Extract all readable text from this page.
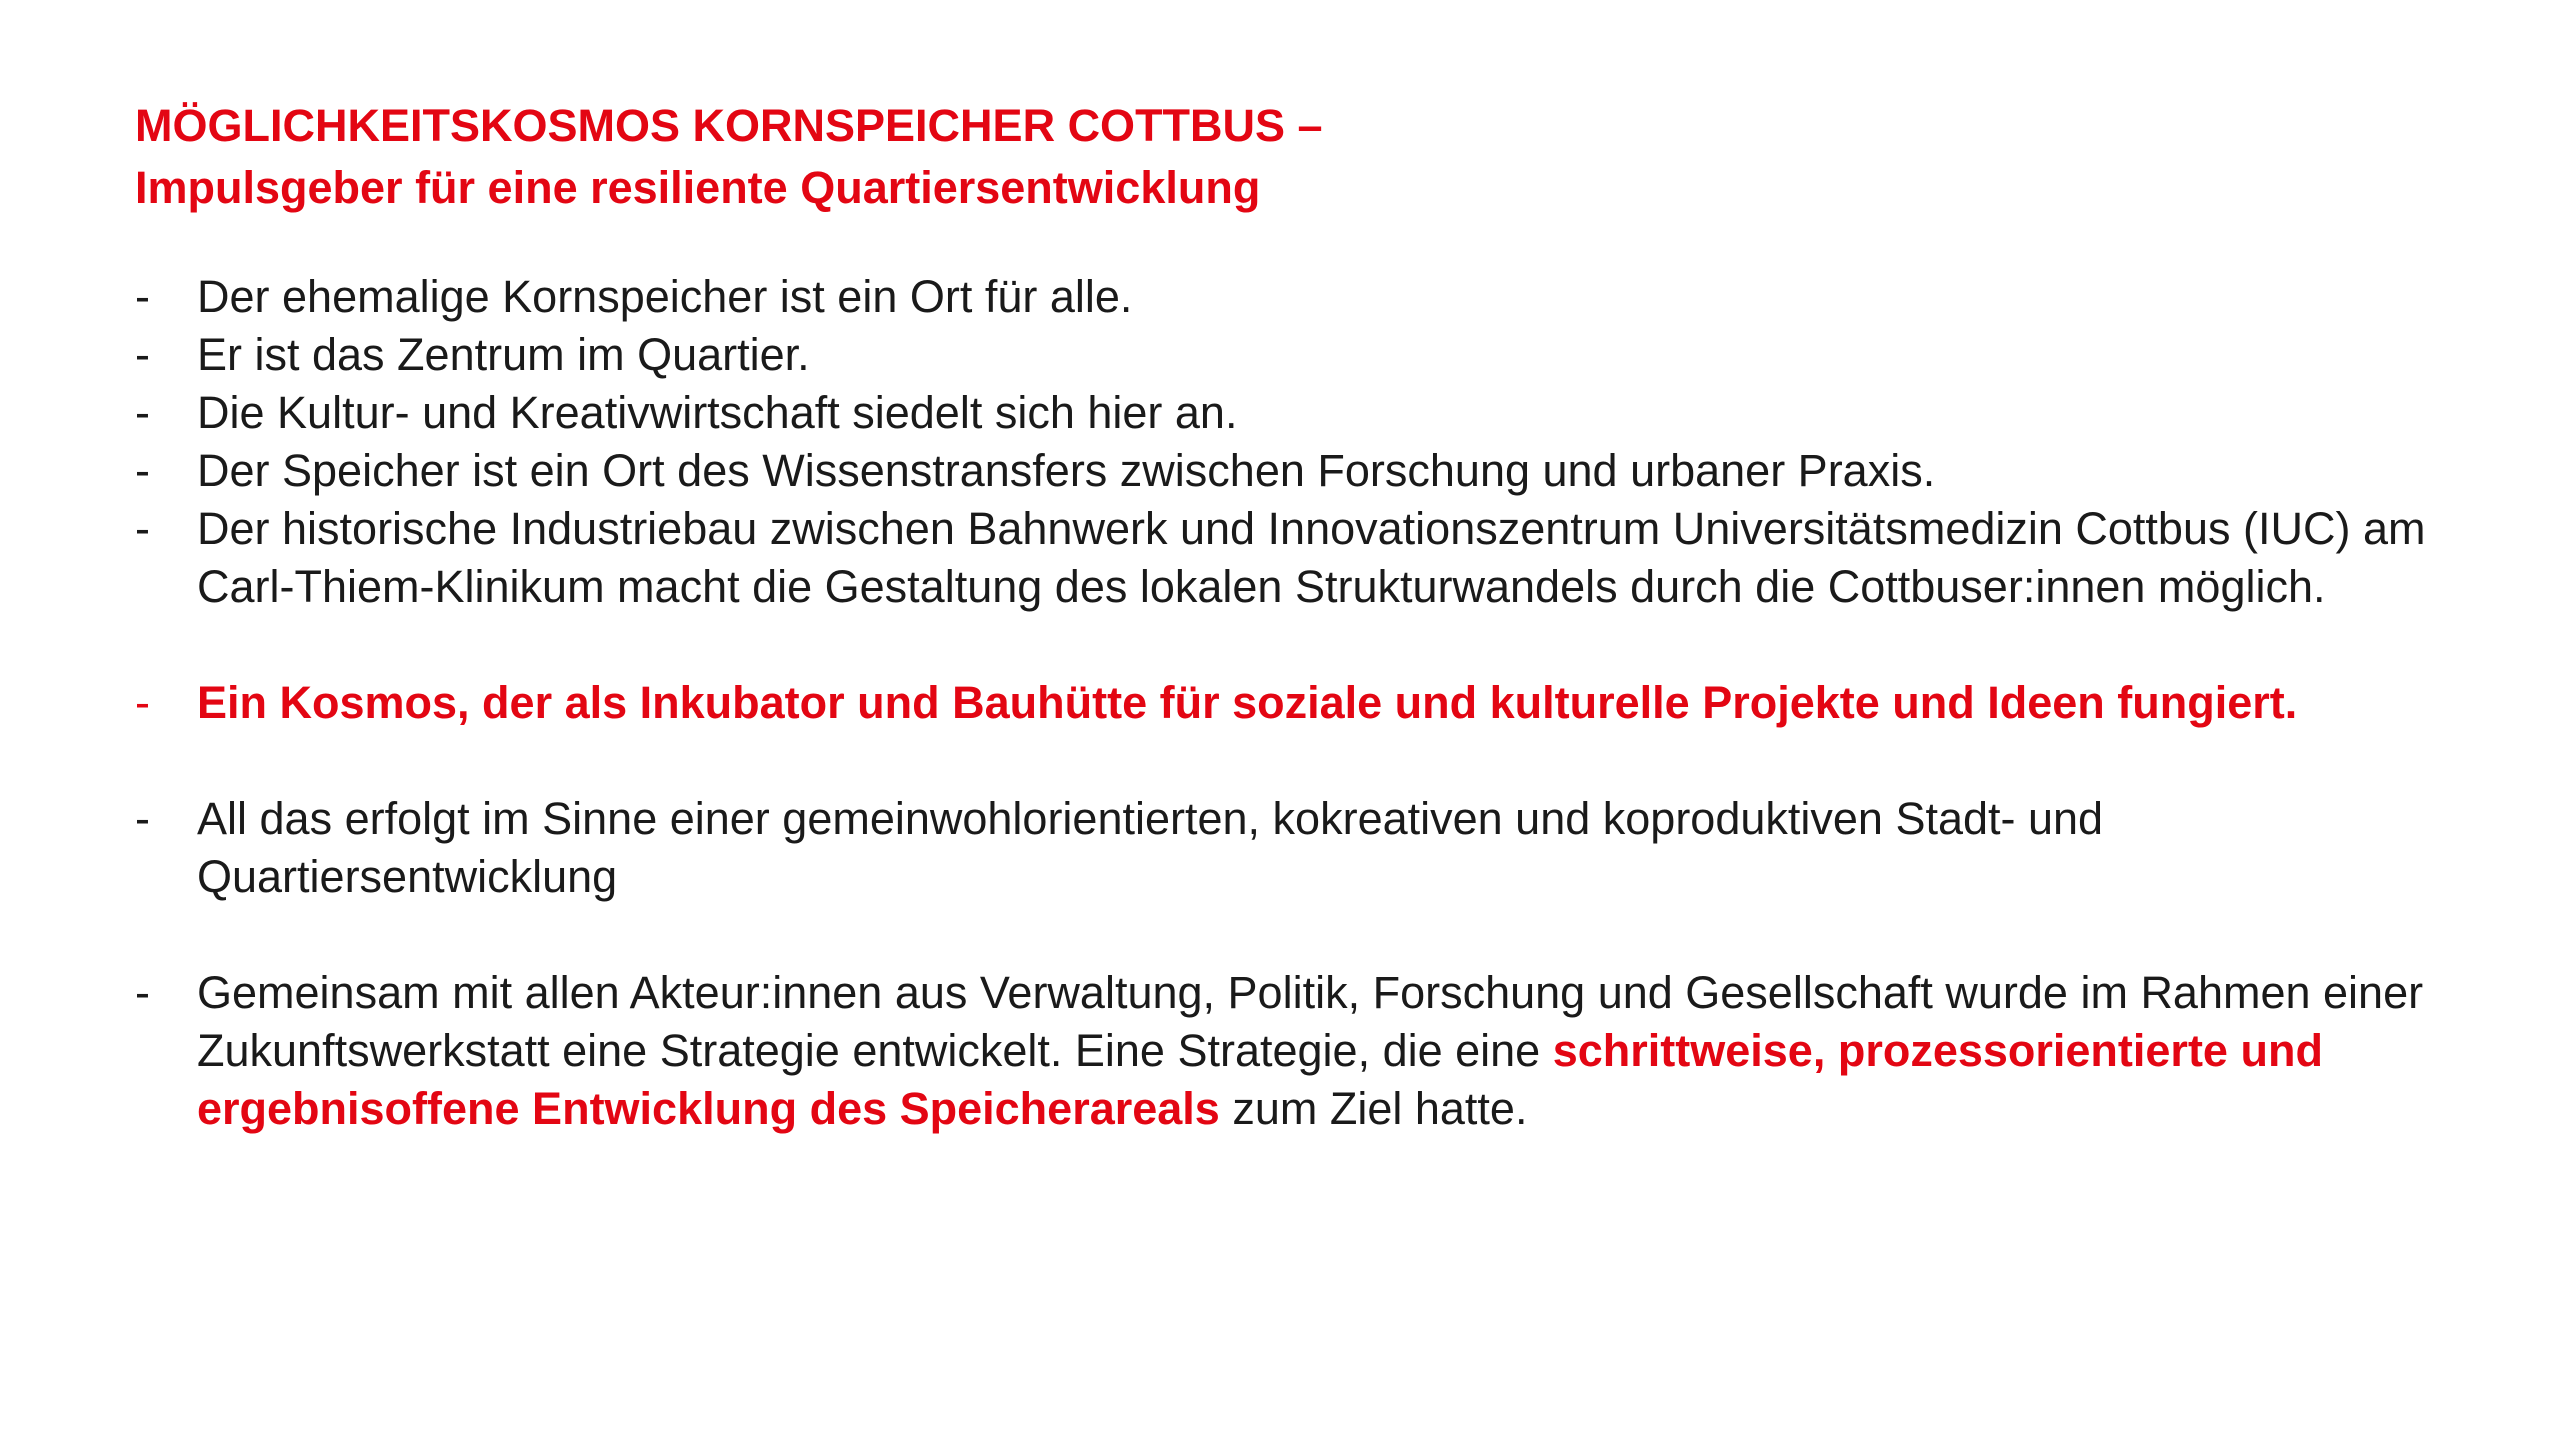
MÖGLICHKEITSKOSMOS KORNSPEICHER COTTBUS –
Impulsgeber für eine resiliente Quartiersentwicklung
- Der ehemalige Kornspeicher ist ein Ort für alle.
- Er ist das Zentrum im Quartier.
- Die Kultur- und Kreativwirtschaft siedelt sich hier an.
- Der Speicher ist ein Ort des Wissenstransfers zwischen Forschung und urbaner Praxis.
- Der historische Industriebau zwischen Bahnwerk und Innovationszentrum Universitätsmedizin Cottbus (IUC) am Carl-Thiem-Klinikum macht die Gestaltung des lokalen Strukturwandels durch die Cottbuser:innen möglich.
- Ein Kosmos, der als Inkubator und Bauhütte für soziale und kulturelle Projekte und Ideen fungiert.
- All das erfolgt im Sinne einer gemeinwohlorientierten, kokreativen und koproduktiven Stadt- und Quartiersentwicklung
- Gemeinsam mit allen Akteur:innen aus Verwaltung, Politik, Forschung und Gesellschaft wurde im Rahmen einer Zukunftswerkstatt eine Strategie entwickelt. Eine Strategie, die eine schrittweise, prozessorientierte und ergebnisoffene Entwicklung des Speicherareals zum Ziel hatte.
